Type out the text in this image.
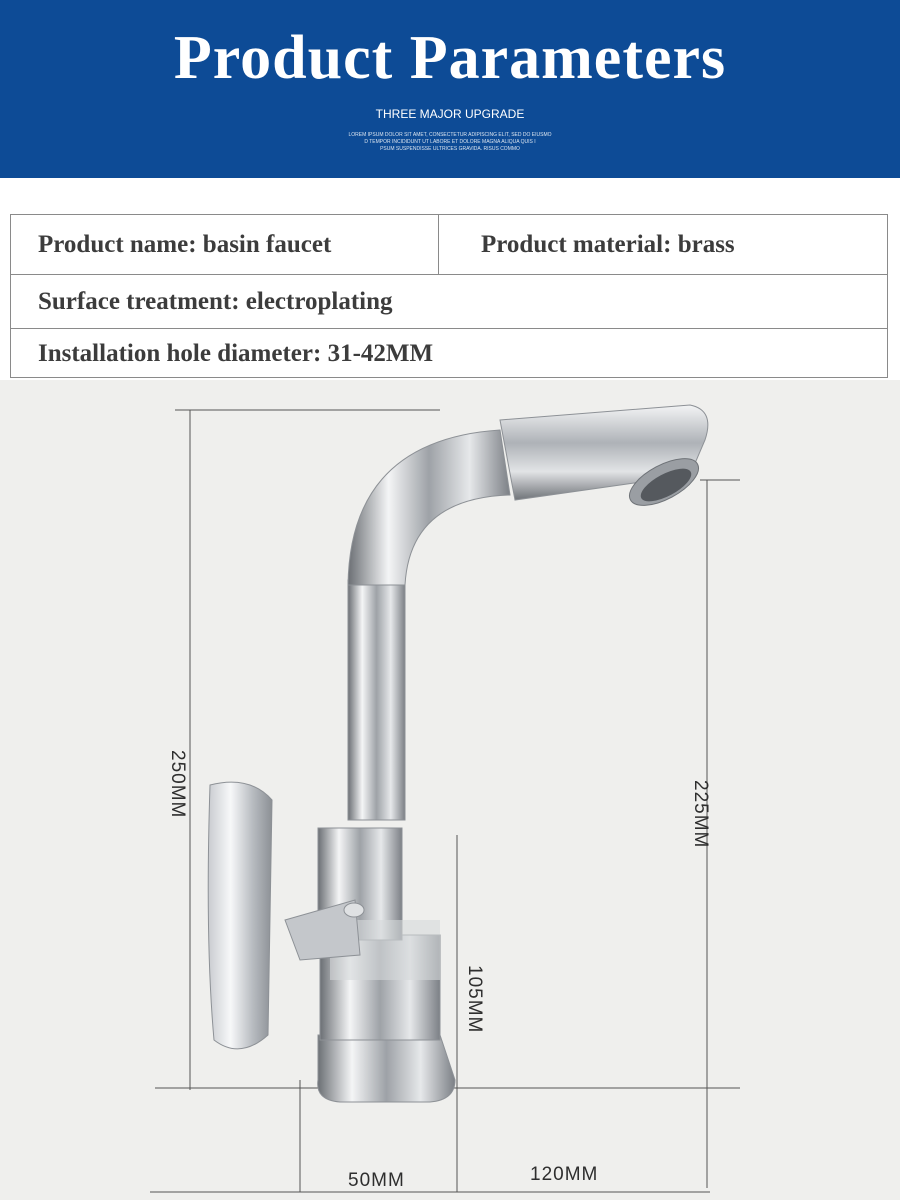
Product Parameters
THREE MAJOR UPGRADE
LOREM IPSUM DOLOR SIT AMET, CONSECTETUR ADIPISCING ELIT, SED DO EIUSMO
D TEMPOR INCIDIDUNT UT LABORE ET DOLORE MAGNA ALIQUA QUIS I
PSUM SUSPENDISSE ULTRICES GRAVIDA. RISUS COMMO
Product name: basin faucet	Product material: brass
Surface treatment: electroplating
Installation hole diameter: 31-42MM
250MM	225MM
105MM
50MM	120MM
